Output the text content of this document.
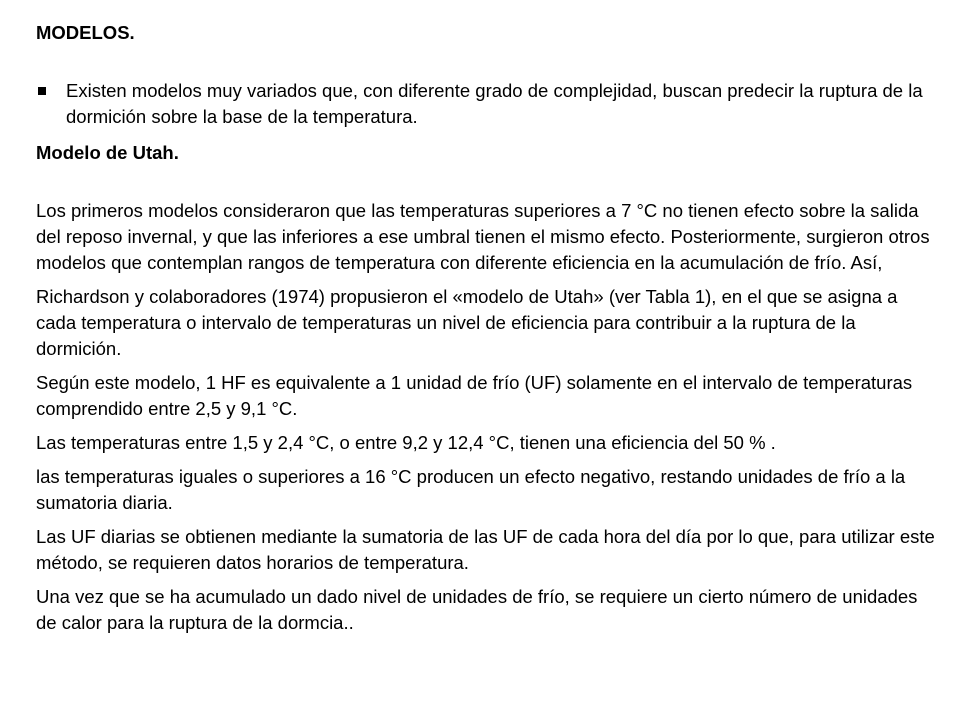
MODELOS.
Existen modelos muy variados que, con diferente grado de complejidad, buscan predecir la ruptura de la dormición sobre la base de la temperatura.
Modelo de Utah.

Los primeros modelos consideraron que las temperaturas superiores a 7 °C no tienen efecto sobre la salida del reposo invernal, y que las inferiores a ese umbral tienen el mismo efecto. Posteriormente, surgieron otros modelos que contemplan rangos de temperatura con diferente eficiencia en la acumulación de frío. Así,

Richardson y colaboradores (1974) propusieron el «modelo de Utah» (ver Tabla 1), en el que se asigna a cada temperatura o intervalo de temperaturas un nivel de eficiencia para contribuir a la ruptura de la dormición.

Según este modelo, 1 HF es equivalente a 1 unidad de frío (UF) solamente en el intervalo de temperaturas comprendido entre 2,5 y 9,1 °C.

Las temperaturas entre 1,5 y 2,4 °C, o entre 9,2 y 12,4 °C, tienen una eficiencia del 50 % .

las temperaturas iguales o superiores a 16 °C producen un efecto negativo, restando unidades de frío a la sumatoria diaria.

Las UF diarias se obtienen mediante la sumatoria de las UF de cada hora del día por lo que, para utilizar este método, se requieren datos horarios de temperatura.

Una vez que se ha acumulado un dado nivel de unidades de frío, se requiere un cierto número de unidades de calor para la ruptura de la dormcia..
